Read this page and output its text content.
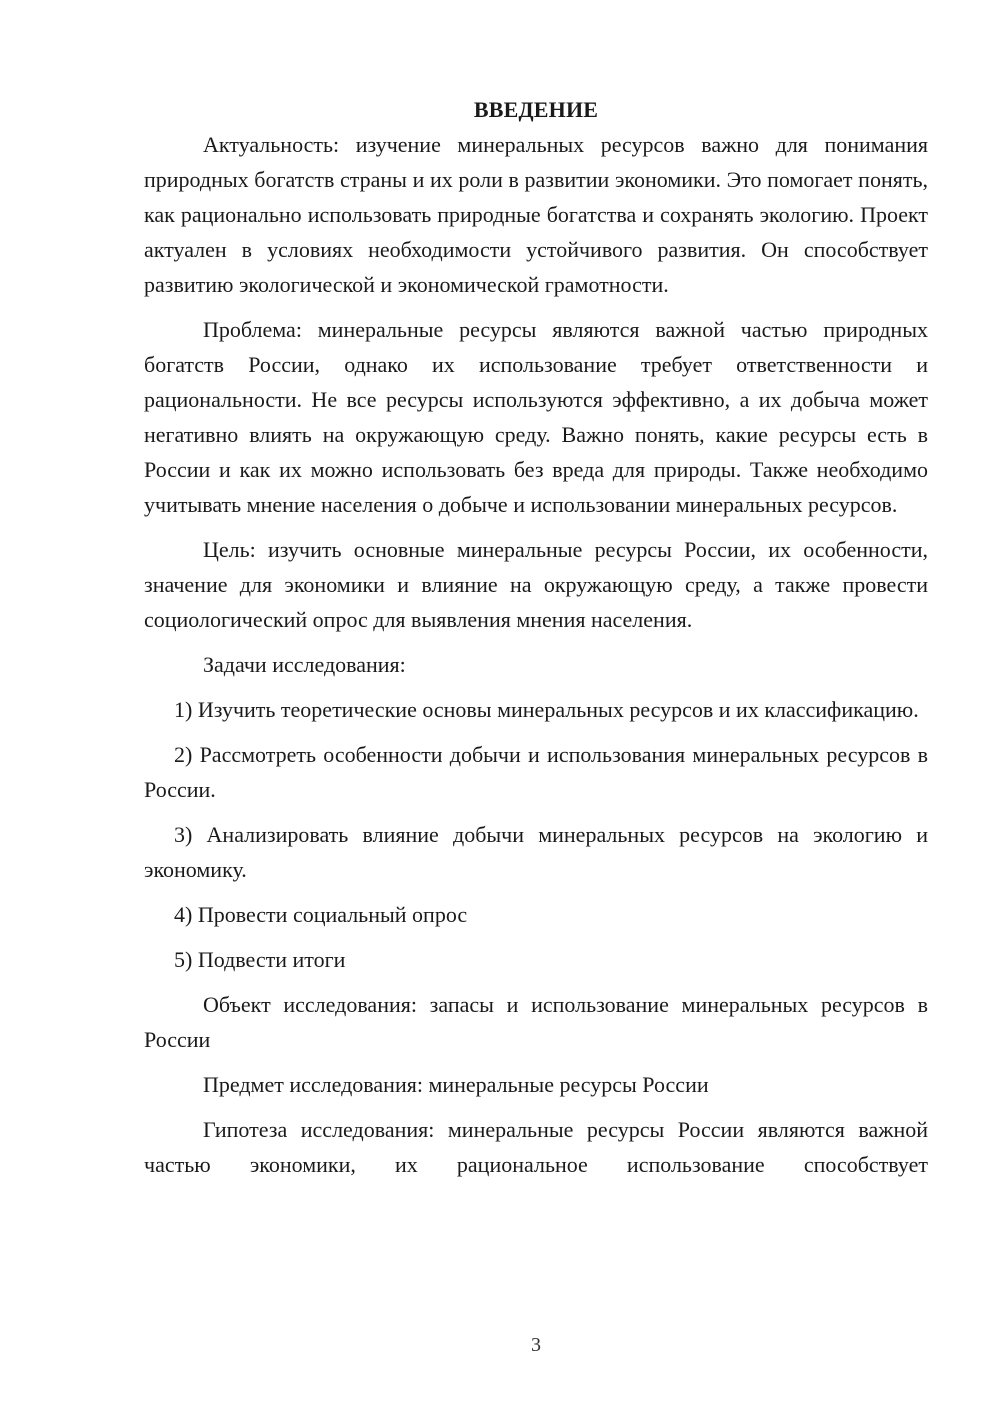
ВВЕДЕНИЕ

Актуальность: изучение минеральных ресурсов важно для понимания природных богатств страны и их роли в развитии экономики. Это помогает понять, как рационально использовать природные богатства и сохранять экологию. Проект актуален в условиях необходимости устойчивого развития. Он способствует развитию экологической и экономической грамотности.

Проблема: минеральные ресурсы являются важной частью природных богатств России, однако их использование требует ответственности и рациональности. Не все ресурсы используются эффективно, а их добыча может негативно влиять на окружающую среду. Важно понять, какие ресурсы есть в России и как их можно использовать без вреда для природы. Также необходимо учитывать мнение населения о добыче и использовании минеральных ресурсов.

Цель: изучить основные минеральные ресурсы России, их особенности, значение для экономики и влияние на окружающую среду, а также провести социологический опрос для выявления мнения населения.

Задачи исследования:

1) Изучить теоретические основы минеральных ресурсов и их классификацию.

2) Рассмотреть особенности добычи и использования минеральных ресурсов в России.

3) Анализировать влияние добычи минеральных ресурсов на экологию и экономику.

4) Провести социальный опрос

5) Подвести итоги

Объект исследования: запасы и использование минеральных ресурсов в России

Предмет исследования: минеральные ресурсы России

Гипотеза исследования: минеральные ресурсы России являются важной частью экономики, их рациональное использование способствует

3
